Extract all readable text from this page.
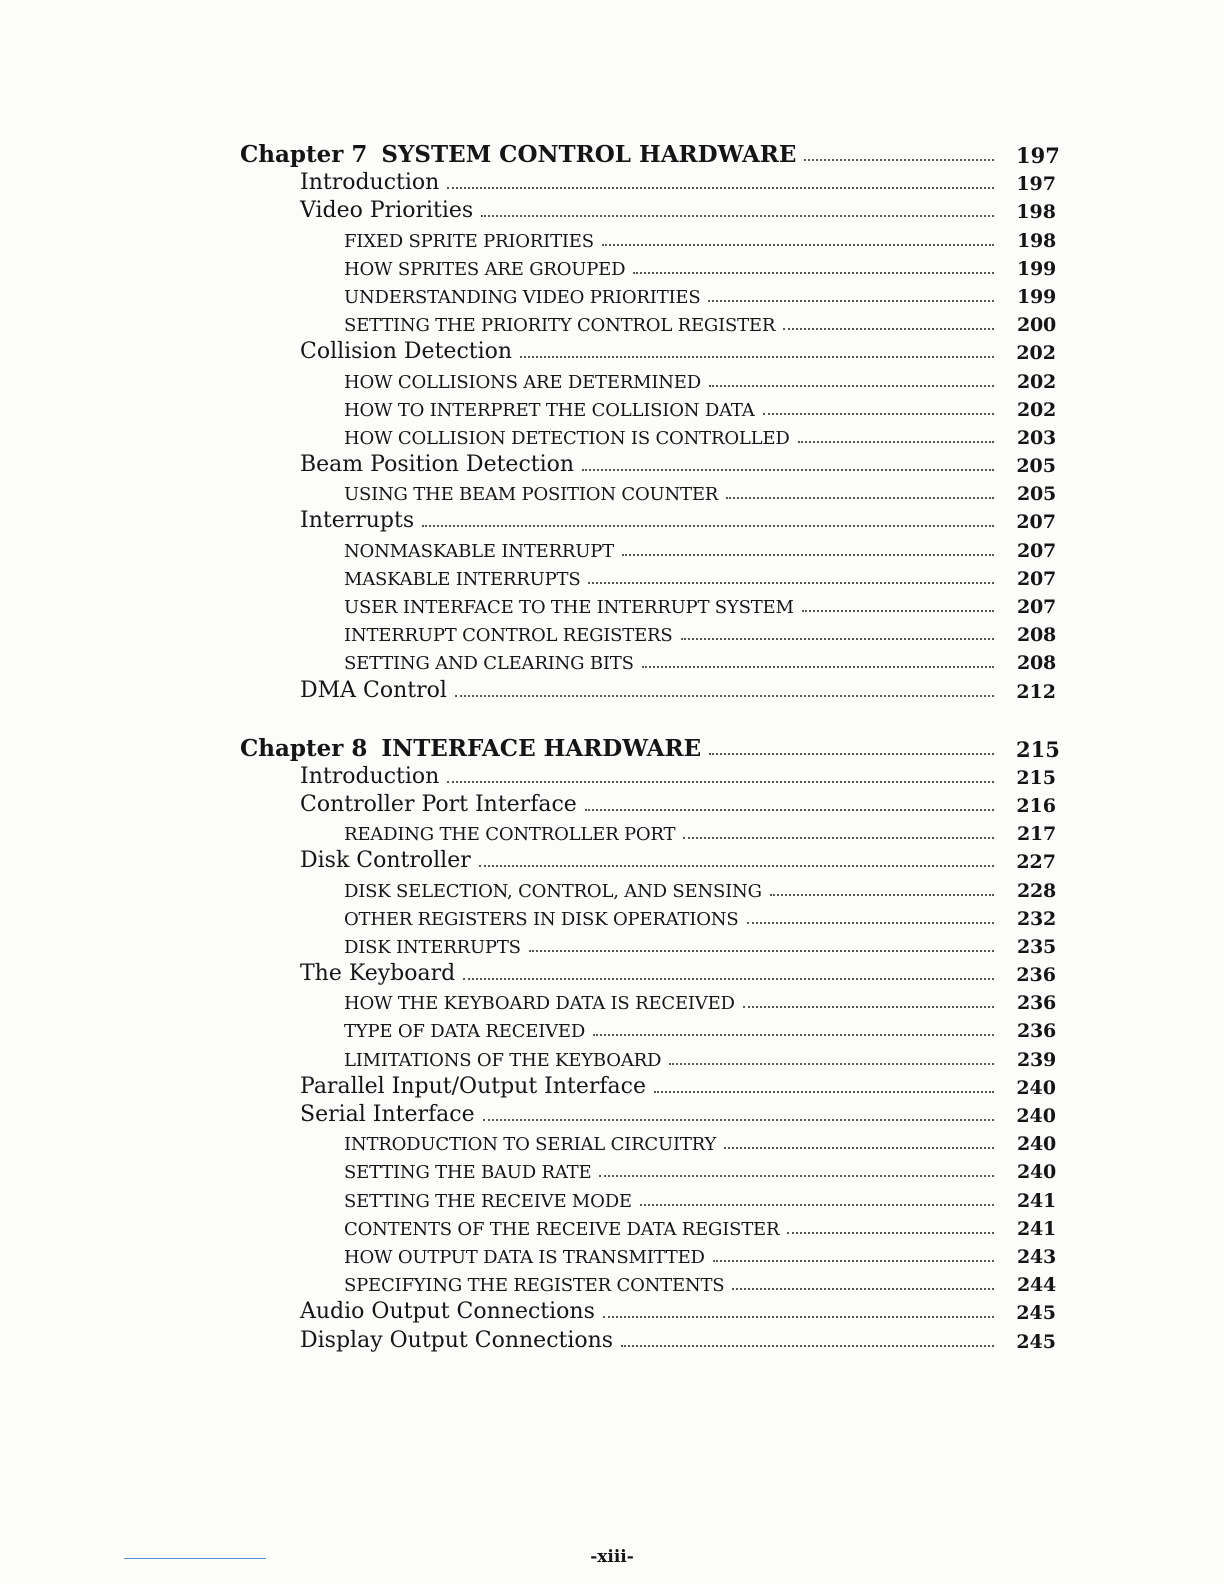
Chapter 7 SYSTEM CONTROL HARDWARE	197
Introduction	197
Video Priorities	198
FIXED SPRITE PRIORITIES	198
HOW SPRITES ARE GROUPED	199
UNDERSTANDING VIDEO PRIORITIES	199
SETTING THE PRIORITY CONTROL REGISTER	200
Collision Detection	202
HOW COLLISIONS ARE DETERMINED	202
HOW TO INTERPRET THE COLLISION DATA	202
HOW COLLISION DETECTION IS CONTROLLED	203
Beam Position Detection	205
USING THE BEAM POSITION COUNTER	205
Interrupts	207
NONMASKABLE INTERRUPT	207
MASKABLE INTERRUPTS	207
USER INTERFACE TO THE INTERRUPT SYSTEM	207
INTERRUPT CONTROL REGISTERS	208
SETTING AND CLEARING BITS	208
DMA Control	212
Chapter 8 INTERFACE HARDWARE	215
Introduction	215
Controller Port Interface	216
READING THE CONTROLLER PORT	217
Disk Controller	227
DISK SELECTION, CONTROL, AND SENSING	228
OTHER REGISTERS IN DISK OPERATIONS	232
DISK INTERRUPTS	235
The Keyboard	236
HOW THE KEYBOARD DATA IS RECEIVED	236
TYPE OF DATA RECEIVED	236
LIMITATIONS OF THE KEYBOARD	239
Parallel Input/Output Interface	240
Serial Interface	240
INTRODUCTION TO SERIAL CIRCUITRY	240
SETTING THE BAUD RATE	240
SETTING THE RECEIVE MODE	241
CONTENTS OF THE RECEIVE DATA REGISTER	241
HOW OUTPUT DATA IS TRANSMITTED	243
SPECIFYING THE REGISTER CONTENTS	244
Audio Output Connections	245
Display Output Connections	245
-xiii-
